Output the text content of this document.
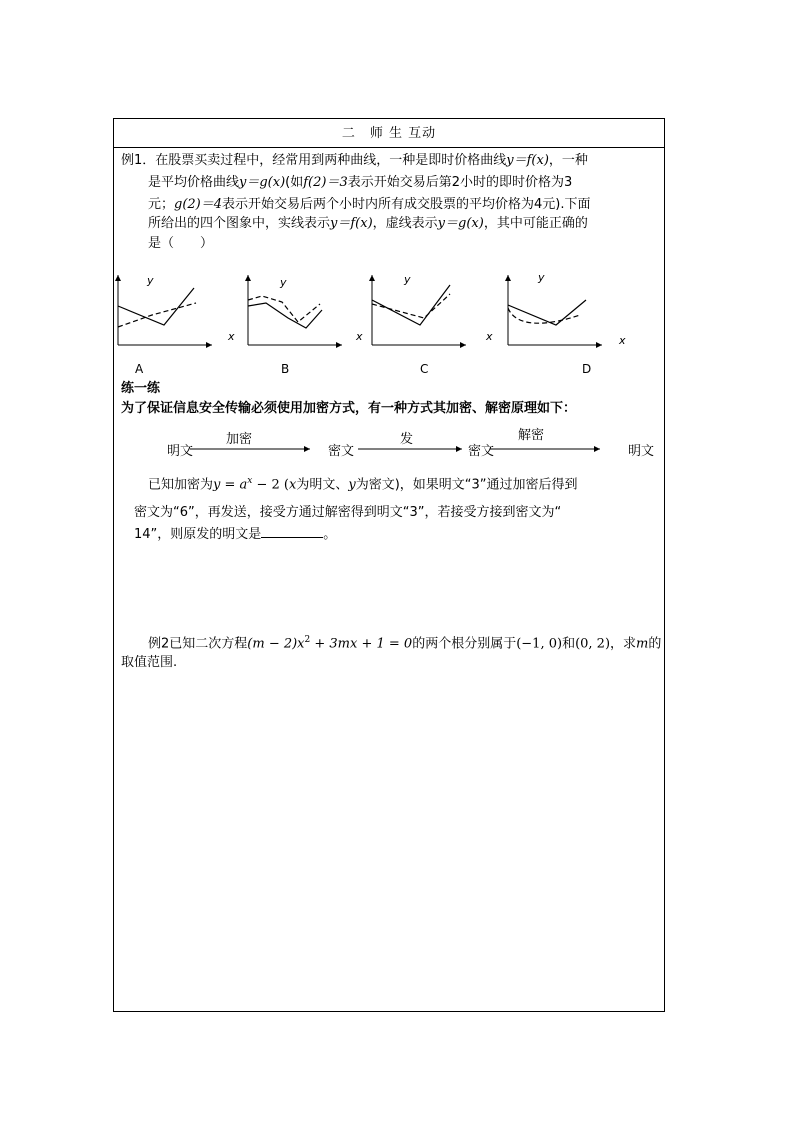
二　师 生 互动
例1．在股票买卖过程中，经常用到两种曲线，一种是即时价格曲线y＝f(x)，一种
是平均价格曲线y＝g(x)(如f(2)＝3表示开始交易后第2小时的即时价格为3
元；g(2)＝4表示开始交易后两个小时内所有成交股票的平均价格为4元).下面
所给出的四个图象中，实线表示y＝f(x)，虚线表示y＝g(x)，其中可能正确的
是（　　）
y
A
x
y
B
x
y
C
x
y
x
D
练一练
为了保证信息安全传输必须使用加密方式，有一种方式其加密、解密原理如下：
明文
加密
密文
发
密文
解密
明文
已知加密为$y = a^x - 2$ (x为明文、y为密文)，如果明文“3”通过加密后得到
密文为“6”，再发送，接受方通过解密得到明文“3”，若接受方接到密文为“
14”，则原发的明文是	。
例2已知二次方程$(m - 2)x^2 + 3mx + 1 = 0$的两个根分别属于(−1, 0)和(0, 2)，求m的
取值范围.
